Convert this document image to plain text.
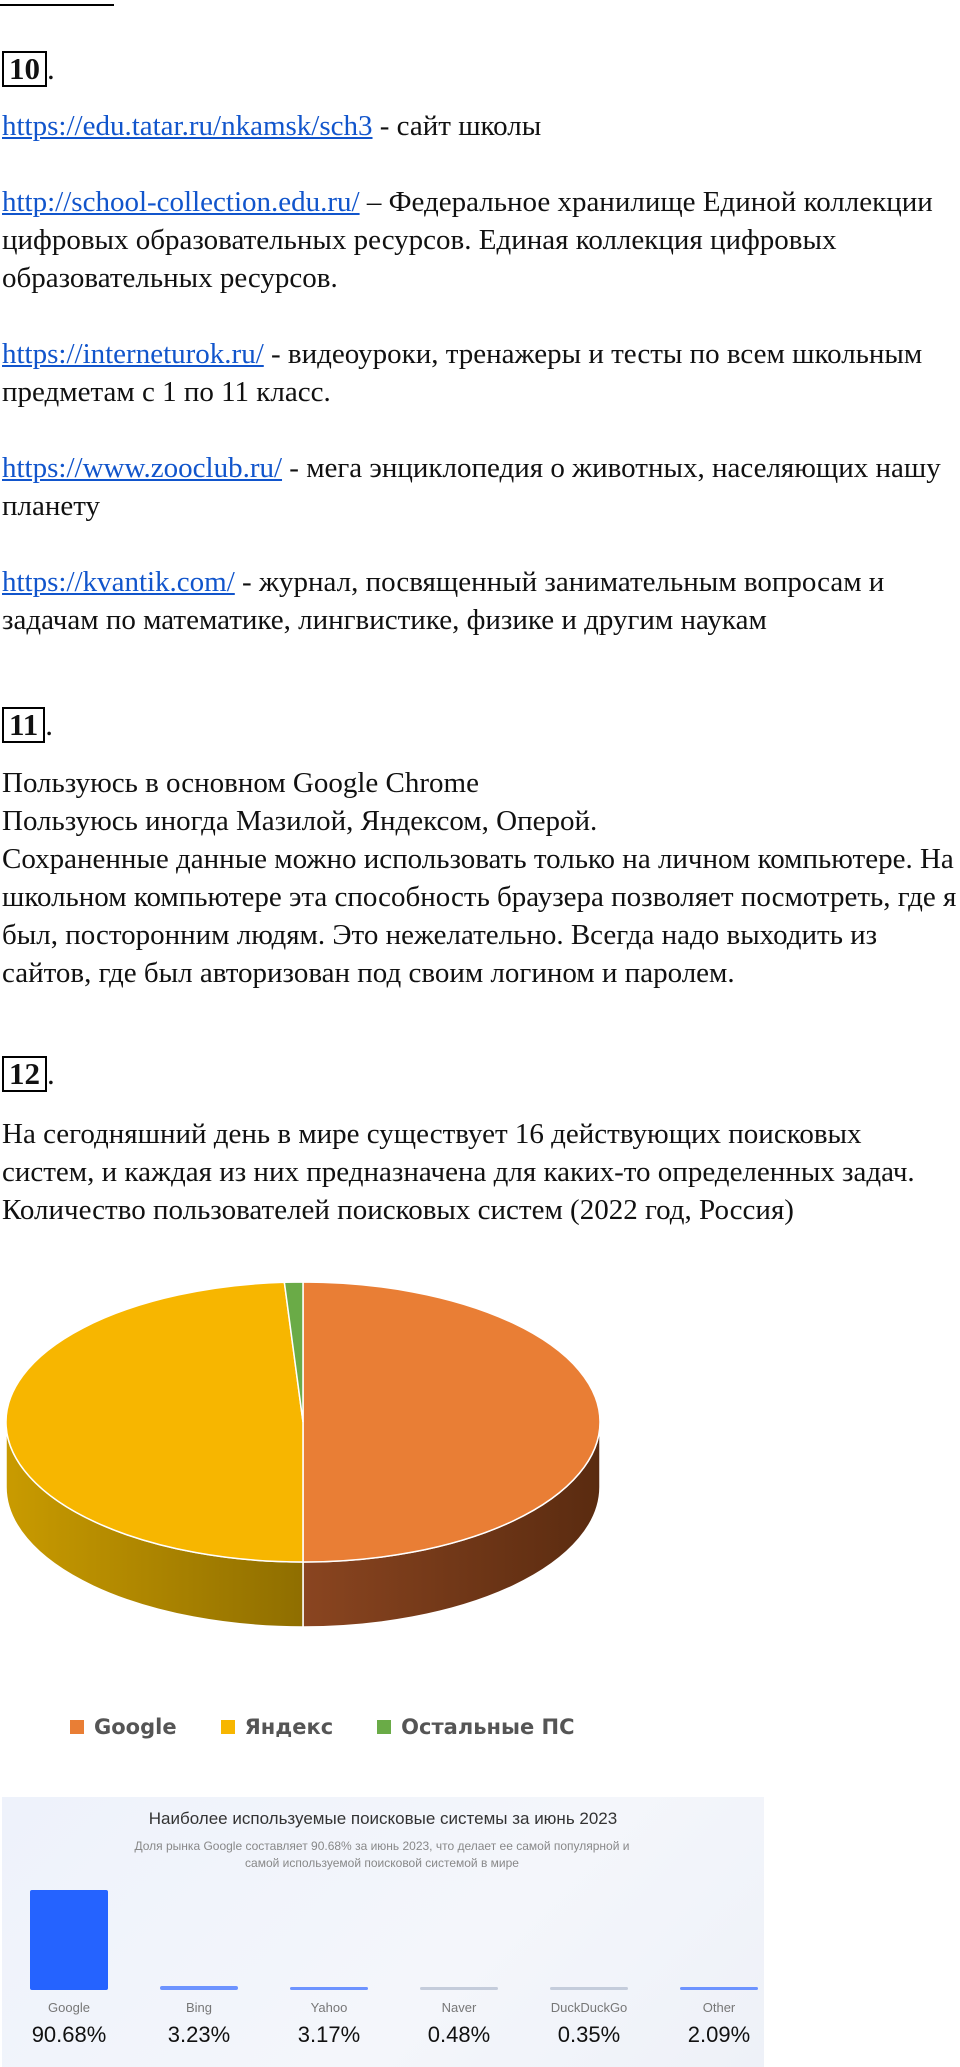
10 .

https://edu.tatar.ru/nkamsk/sch3 - сайт школы

http://school-collection.edu.ru/ – Федеральное хранилище Единой коллекции цифровых образовательных ресурсов. Единая коллекция цифровых образовательных ресурсов.

https://interneturok.ru/ - видеоуроки, тренажеры и тесты по всем школьным предметам с 1 по 11 класс.

https://www.zooclub.ru/ - мега энциклопедия о животных, населяющих нашу планету

https://kvantik.com/ - журнал, посвященный занимательным вопросам и задачам по математике, лингвистике, физике и другим наукам

11 .

Пользуюсь в основном Google Chrome
Пользуюсь иногда Мазилой, Яндексом, Оперой.
Сохраненные данные можно использовать только на личном компьютере. На школьном компьютере эта способность браузера позволяет посмотреть, где я был, посторонним людям. Это нежелательно. Всегда надо выходить из сайтов, где был авторизован под своим логином и паролем.

12 .

На сегодняшний день в мире существует 16 действующих поисковых систем, и каждая из них предназначена для каких-то определенных задач.
Количество пользователей поисковых систем (2022 год, Россия)

Google	Яндекс	Остальные ПС
Наиболее используемые поисковые системы за июнь 2023
Доля рынка Google составляет 90.68% за июнь 2023, что делает ее самой популярной и самой используемой поисковой системой в мире
Google
90.68%
Bing
3.23%
Yahoo
3.17%
Naver
0.48%
DuckDuckGo
0.35%
Other
2.09%
